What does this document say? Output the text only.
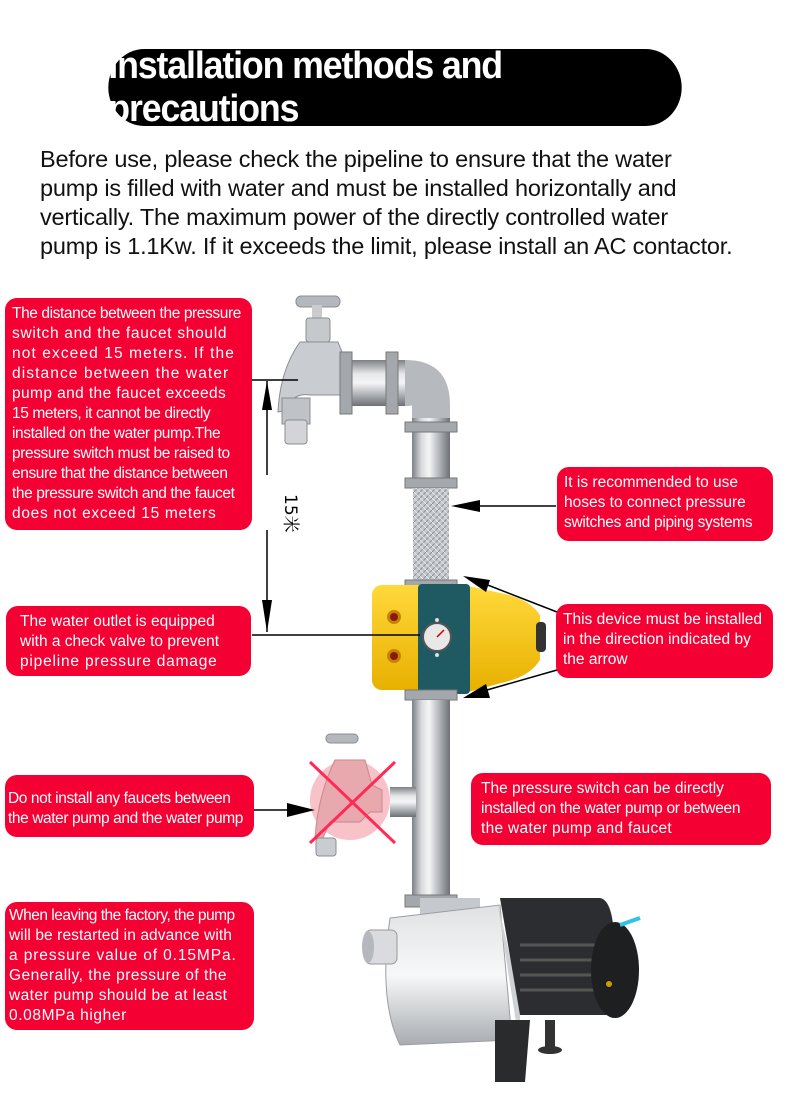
Installation methods and precautions
Before use, please check the pipeline to ensure that the water
pump is filled with water and must be installed horizontally and
vertically. The maximum power of the directly controlled water
pump is 1.1Kw. If it exceeds the limit, please install an AC contactor.
15米
The distance between the pressure
switch and the faucet should
not exceed 15 meters. If the
distance between the water
pump and the faucet exceeds
15 meters, it cannot be directly
installed on the water pump.The
pressure switch must be raised to
ensure that the distance between
the pressure switch and the faucet
does not exceed 15 meters
It is recommended to use
hoses to connect pressure
switches and piping systems
The water outlet is equipped
with a check valve to prevent
pipeline pressure damage
This device must be installed
in the direction indicated by
the arrow
Do not install any faucets between
the water pump and the water pump
The pressure switch can be directly
installed on the water pump or between
the water pump and faucet
When leaving the factory, the pump
will be restarted in advance with
a pressure value of 0.15MPa.
Generally, the pressure of the
water pump should be at least
0.08MPa higher
